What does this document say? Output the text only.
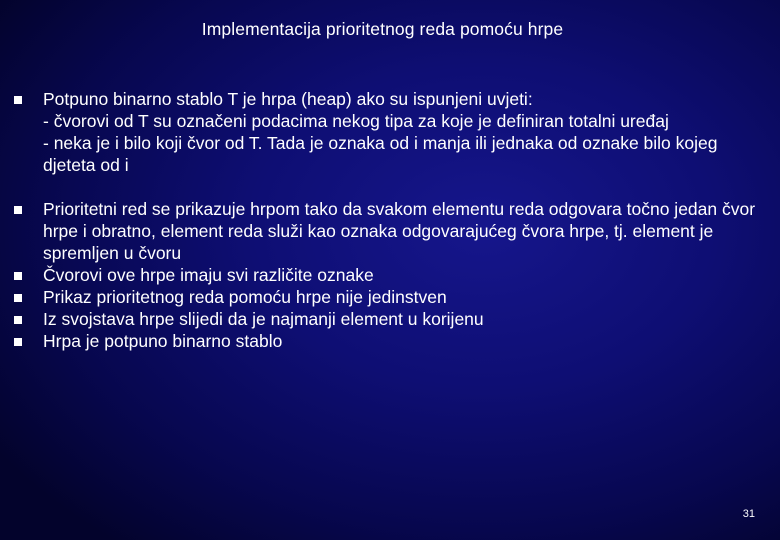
Implementacija prioritetnog reda pomoću hrpe
Potpuno binarno stablo T je hrpa (heap) ako su ispunjeni uvjeti:
- čvorovi od T su označeni podacima nekog tipa za koje je definiran totalni uređaj
- neka je i bilo koji čvor od T. Tada je oznaka od i manja ili jednaka od oznake bilo kojeg djeteta od i
Prioritetni red se prikazuje hrpom tako da svakom elementu reda odgovara točno jedan čvor hrpe i obratno, element reda služi kao oznaka odgovarajućeg čvora hrpe, tj. element je spremljen u čvoru
Čvorovi ove hrpe imaju svi različite oznake
Prikaz prioritetnog reda pomoću hrpe nije jedinstven
Iz svojstava hrpe slijedi da je najmanji element u korijenu
Hrpa je potpuno binarno stablo
31
